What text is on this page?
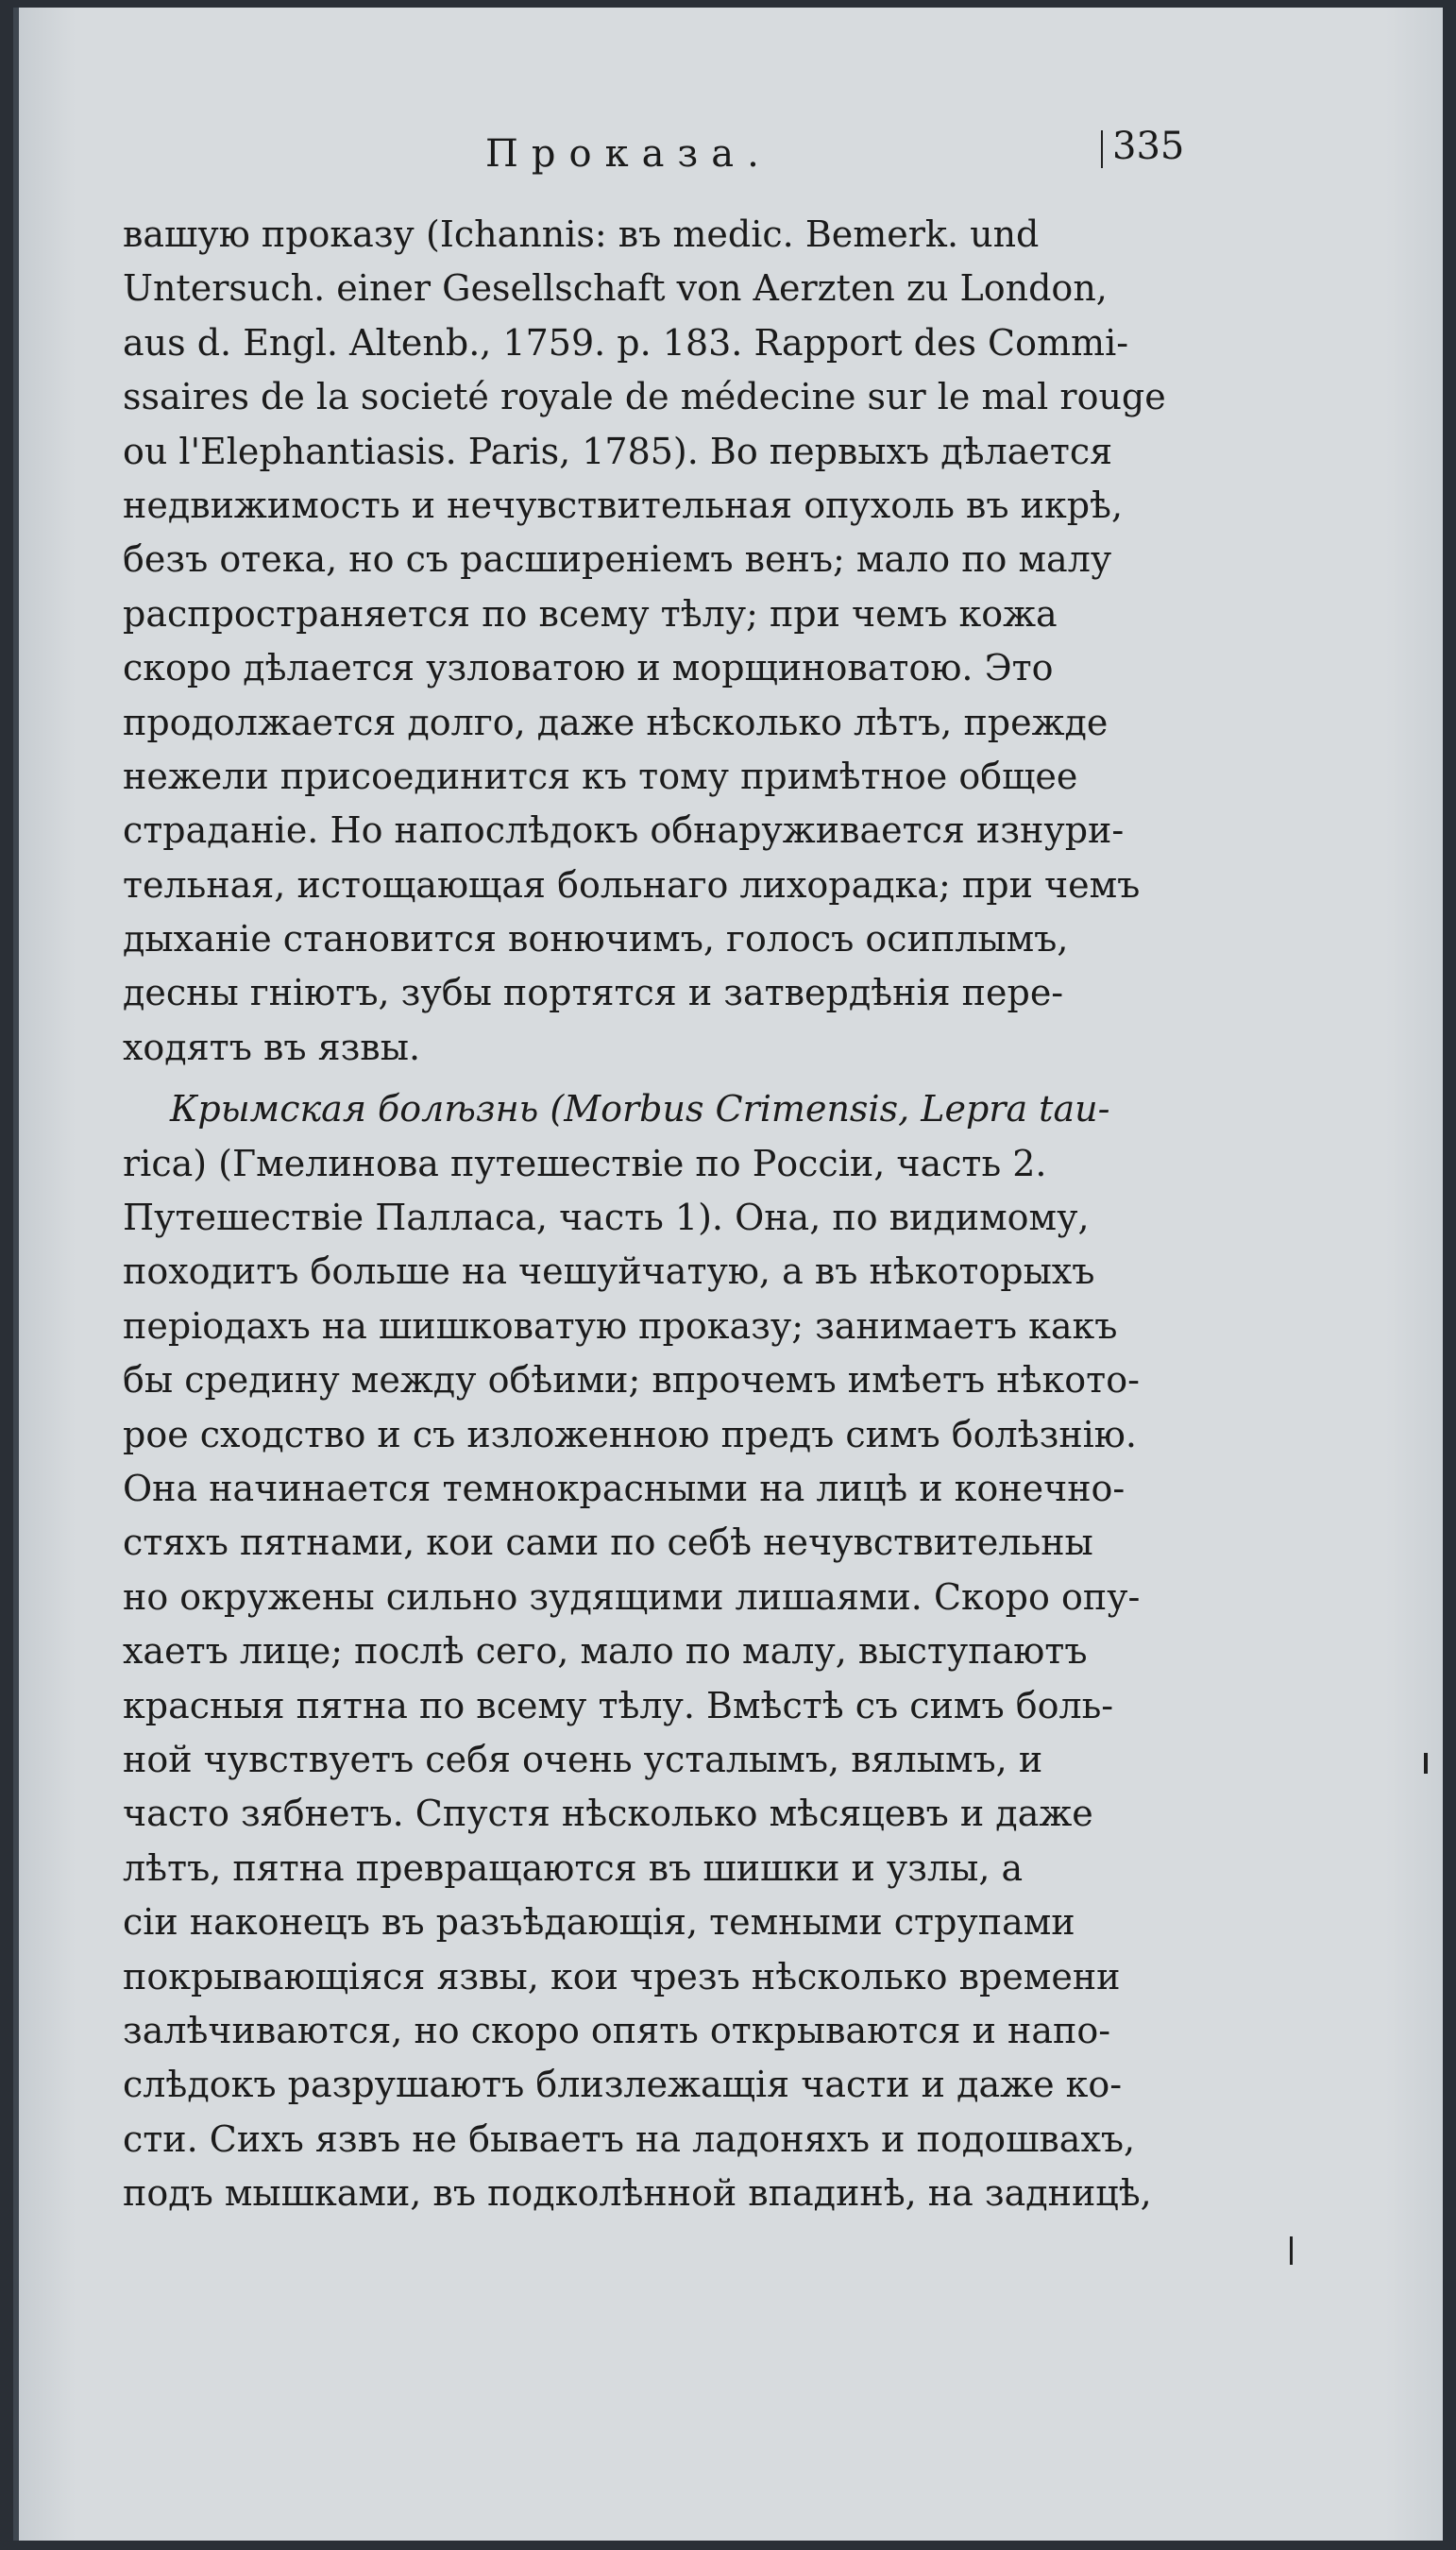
Проказа.	335
вашую проказу (Ichannis: въ medic. Bemerk. und
Untersuch. einer Gesellschaft von Aerzten zu London,
aus d. Engl. Altenb., 1759. p. 183. Rapport des Commi-
ssaires de la societé royale de médecine sur le mal rouge
ou l'Elephantiasis. Paris, 1785). Во первыхъ дѣлается
недвижимость и нечувствительная опухоль въ икрѣ,
безъ отека, но съ расширеніемъ венъ; мало по малу
распространяется по всему тѣлу; при чемъ кожа
скоро дѣлается узловатою и морщиноватою. Это
продолжается долго, даже нѣсколько лѣтъ, прежде
нежели присоединится къ тому примѣтное общее
страданіе. Но напослѣдокъ обнаруживается изнури-
тельная, истощающая больнаго лихорадка; при чемъ
дыханіе становится вонючимъ, голосъ осиплымъ,
десны гніютъ, зубы портятся и затвердѣнія пере-
ходятъ въ язвы.
Крымская болѣзнь (Morbus Crimensis, Lepra tau-
rica) (Гмелинова путешествіе по Россіи, часть 2.
Путешествіе Палласа, часть 1). Она, по видимому,
походитъ больше на чешуйчатую, а въ нѣкоторыхъ
періодахъ на шишковатую проказу; занимаетъ какъ
бы средину между обѣими; впрочемъ имѣетъ нѣкото-
рое сходство и съ изложенною предъ симъ болѣзнію.
Она начинается темнокрасными на лицѣ и конечно-
стяхъ пятнами, кои сами по себѣ нечувствительны
но окружены сильно зудящими лишаями. Скоро опу-
хаетъ лице; послѣ сего, мало по малу, выступаютъ
красныя пятна по всему тѣлу. Вмѣстѣ съ симъ боль-
ной чувствуетъ себя очень усталымъ, вялымъ, и
часто зябнетъ. Спустя нѣсколько мѣсяцевъ и даже
лѣтъ, пятна превращаются въ шишки и узлы, а
сіи наконецъ въ разъѣдающія, темными струпами
покрывающіяся язвы, кои чрезъ нѣсколько времени
залѣчиваются, но скоро опять открываются и напо-
слѣдокъ разрушаютъ близлежащія части и даже ко-
сти. Сихъ язвъ не бываетъ на ладоняхъ и подошвахъ,
подъ мышками, въ подколѣнной впадинѣ, на задницѣ,
